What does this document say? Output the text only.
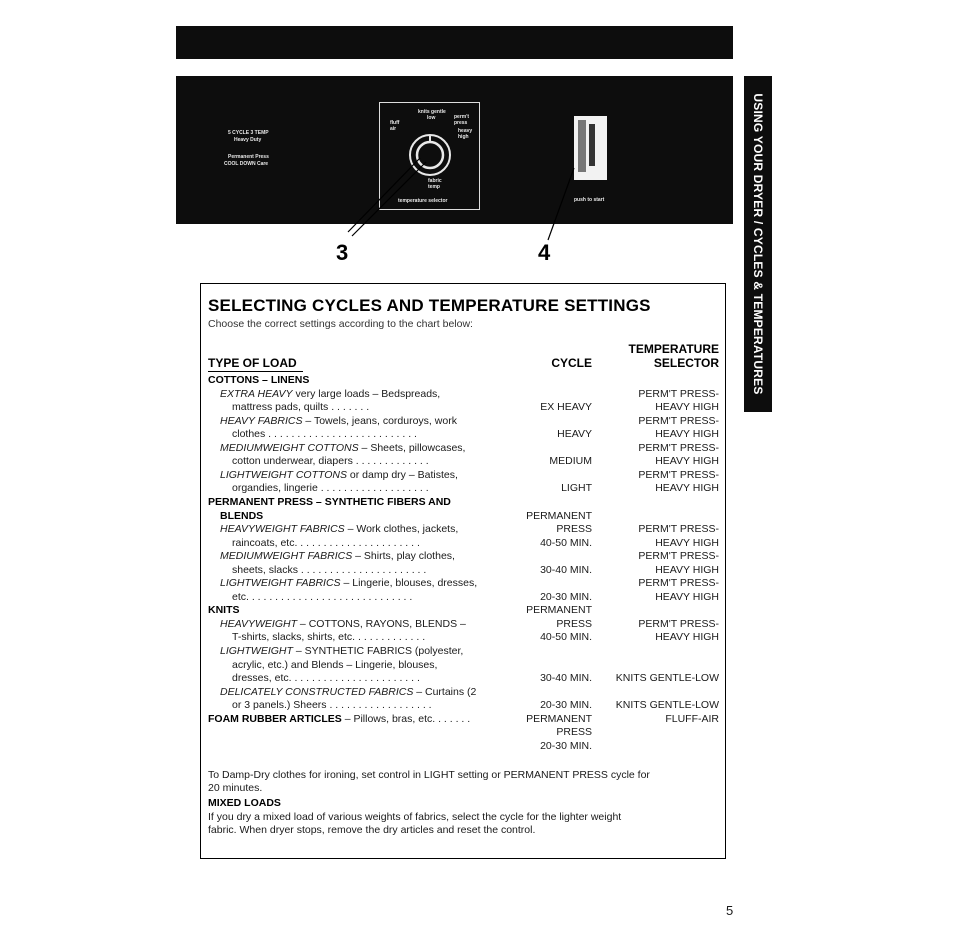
5 CYCLE 3 TEMP
Heavy Duty
Permanent Press
COOL DOWN Care
knits gentle
low
fluff air
perm't press
heavy high
fabric temp
temperature selector	push to start
3	4	USING YOUR DRYER / CYCLES & TEMPERATURES
SELECTING CYCLES AND TEMPERATURE SETTINGS
Choose the correct settings according to the chart below:
TEMPERATURE
SELECTOR
TYPE OF LOAD	CYCLE
COTTONS – LINENS
EXTRA HEAVY very large loads – Bedspreads,	PERM'T PRESS-
mattress pads, quilts . . . . . . .	EX HEAVY	HEAVY HIGH
HEAVY FABRICS – Towels, jeans, corduroys, work	PERM'T PRESS-
clothes . . . . . . . . . . . . . . . . . . . . . . . . . .	HEAVY	HEAVY HIGH
MEDIUMWEIGHT COTTONS – Sheets, pillowcases,	PERM'T PRESS-
cotton underwear, diapers . . . . . . . . . . . . .	MEDIUM	HEAVY HIGH
LIGHTWEIGHT COTTONS or damp dry – Batistes,	PERM'T PRESS-
organdies, lingerie . . . . . . . . . . . . . . . . . . .	LIGHT	HEAVY HIGH
PERMANENT PRESS – SYNTHETIC FIBERS AND
BLENDS	PERMANENT
HEAVYWEIGHT FABRICS – Work clothes, jackets,	PRESS	PERM'T PRESS-
raincoats, etc. . . . . . . . . . . . . . . . . . . . . .	40-50 MIN.	HEAVY HIGH
MEDIUMWEIGHT FABRICS – Shirts, play clothes,	PERM'T PRESS-
sheets, slacks . . . . . . . . . . . . . . . . . . . . . .	30-40 MIN.	HEAVY HIGH
LIGHTWEIGHT FABRICS – Lingerie, blouses, dresses,	PERM'T PRESS-
etc. . . . . . . . . . . . . . . . . . . . . . . . . . . . .	20-30 MIN.	HEAVY HIGH
KNITS	PERMANENT
HEAVYWEIGHT – COTTONS, RAYONS, BLENDS –	PRESS	PERM'T PRESS-
T-shirts, slacks, shirts, etc. . . . . . . . . . . . .	40-50 MIN.	HEAVY HIGH
LIGHTWEIGHT – SYNTHETIC FABRICS (polyester,
acrylic, etc.) and Blends – Lingerie, blouses,
dresses, etc. . . . . . . . . . . . . . . . . . . . . . .	30-40 MIN.	KNITS GENTLE-LOW
DELICATELY CONSTRUCTED FABRICS – Curtains (2
or 3 panels.) Sheers . . . . . . . . . . . . . . . . . .	20-30 MIN.	KNITS GENTLE-LOW
FOAM RUBBER ARTICLES – Pillows, bras, etc. . . . . . .	PERMANENT	FLUFF-AIR
PRESS
20-30 MIN.
To Damp-Dry clothes for ironing, set control in LIGHT setting or PERMANENT PRESS cycle for
20 minutes.
MIXED LOADS
If you dry a mixed load of various weights of fabrics, select the cycle for the lighter weight
fabric. When dryer stops, remove the dry articles and reset the control.
5
